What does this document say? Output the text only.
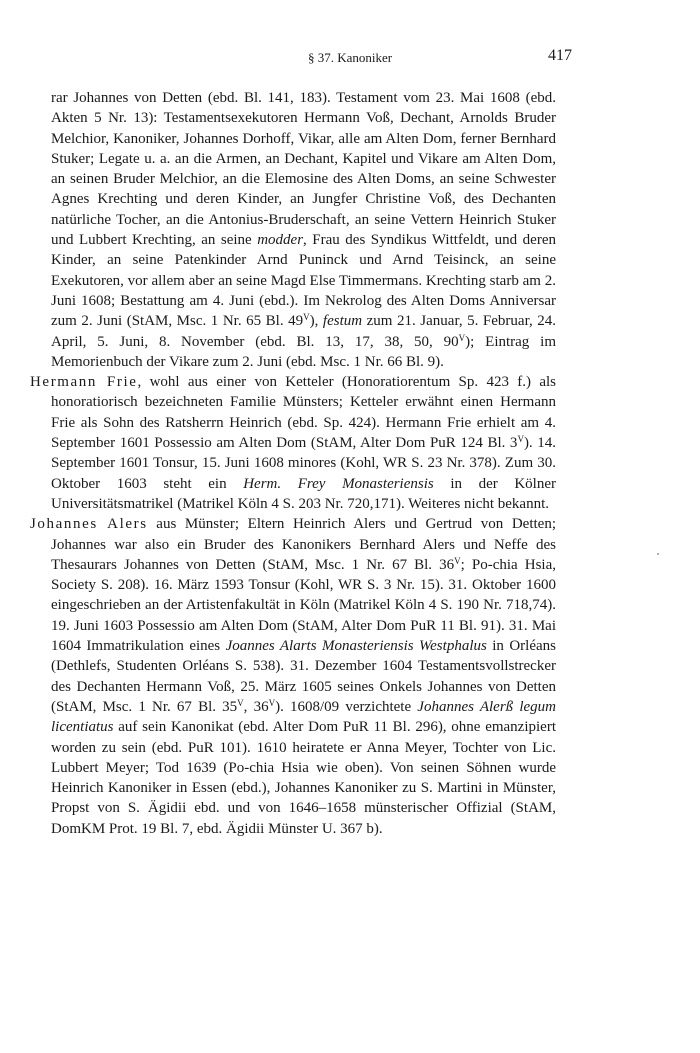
§ 37. Kanoniker	417

rar Johannes von Detten (ebd. Bl. 141, 183). Testament vom 23. Mai 1608 (ebd. Akten 5 Nr. 13): Testamentsexekutoren Hermann Voß, Dechant, Arnolds Bruder Melchior, Kanoniker, Johannes Dorhoff, Vikar, alle am Alten Dom, ferner Bernhard Stuker; Legate u. a. an die Armen, an Dechant, Kapitel und Vikare am Alten Dom, an seinen Bruder Melchior, an die Elemosine des Alten Doms, an seine Schwester Agnes Krechting und deren Kinder, an Jungfer Christine Voß, des Dechanten natürliche Tocher, an die Antonius-Bruderschaft, an seine Vettern Heinrich Stuker und Lubbert Krechting, an seine modder, Frau des Syndikus Wittfeldt, und deren Kinder, an seine Patenkinder Arnd Puninck und Arnd Teisinck, an seine Exekutoren, vor allem aber an seine Magd Else Timmermans. Krechting starb am 2. Juni 1608; Bestattung am 4. Juni (ebd.). Im Nekrolog des Alten Doms Anniversar zum 2. Juni (StAM, Msc. 1 Nr. 65 Bl. $49^V$), festum zum 21. Januar, 5. Februar, 24. April, 5. Juni, 8. November (ebd. Bl. 13, 17, 38, 50, $90^V$); Eintrag im Memorienbuch der Vikare zum 2. Juni (ebd. Msc. 1 Nr. 66 Bl. 9).

Hermann Frie, wohl aus einer von Ketteler (Honoratiorentum Sp. 423 f.) als honoratiorisch bezeichneten Familie Münsters; Ketteler erwähnt einen Hermann Frie als Sohn des Ratsherrn Heinrich (ebd. Sp. 424). Hermann Frie erhielt am 4. September 1601 Possessio am Alten Dom (StAM, Alter Dom PuR 124 Bl. $3^V$). 14. September 1601 Tonsur, 15. Juni 1608 minores (Kohl, WR S. 23 Nr. 378). Zum 30. Oktober 1603 steht ein Herm. Frey Monasteriensis in der Kölner Universitätsmatrikel (Matrikel Köln 4 S. 203 Nr. 720,171). Weiteres nicht bekannt.

Johannes Alers aus Münster; Eltern Heinrich Alers und Gertrud von Detten; Johannes war also ein Bruder des Kanonikers Bernhard Alers und Neffe des Thesaurars Johannes von Detten (StAM, Msc. 1 Nr. 67 Bl. $36^V$; Po-chia Hsia, Society S. 208). 16. März 1593 Tonsur (Kohl, WR S. 3 Nr. 15). 31. Oktober 1600 eingeschrieben an der Artistenfakultät in Köln (Matrikel Köln 4 S. 190 Nr. 718,74). 19. Juni 1603 Possessio am Alten Dom (StAM, Alter Dom PuR 11 Bl. 91). 31. Mai 1604 Immatrikulation eines Joannes Alarts Monasteriensis Westphalus in Orléans (Dethlefs, Studenten Orléans S. 538). 31. Dezember 1604 Testamentsvollstrecker des Dechanten Hermann Voß, 25. März 1605 seines Onkels Johannes von Detten (StAM, Msc. 1 Nr. 67 Bl. $35^V$, $36^V$). 1608/09 verzichtete Johannes Alerß legum licentiatus auf sein Kanonikat (ebd. Alter Dom PuR 11 Bl. 296), ohne emanzipiert worden zu sein (ebd. PuR 101). 1610 heiratete er Anna Meyer, Tochter von Lic. Lubbert Meyer; Tod 1639 (Po-chia Hsia wie oben). Von seinen Söhnen wurde Heinrich Kanoniker in Essen (ebd.), Johannes Kanoniker zu S. Martini in Münster, Propst von S. Ägidii ebd. und von 1646–1658 münsterischer Offizial (StAM, DomKM Prot. 19 Bl. 7, ebd. Ägidii Münster U. 367 b).
